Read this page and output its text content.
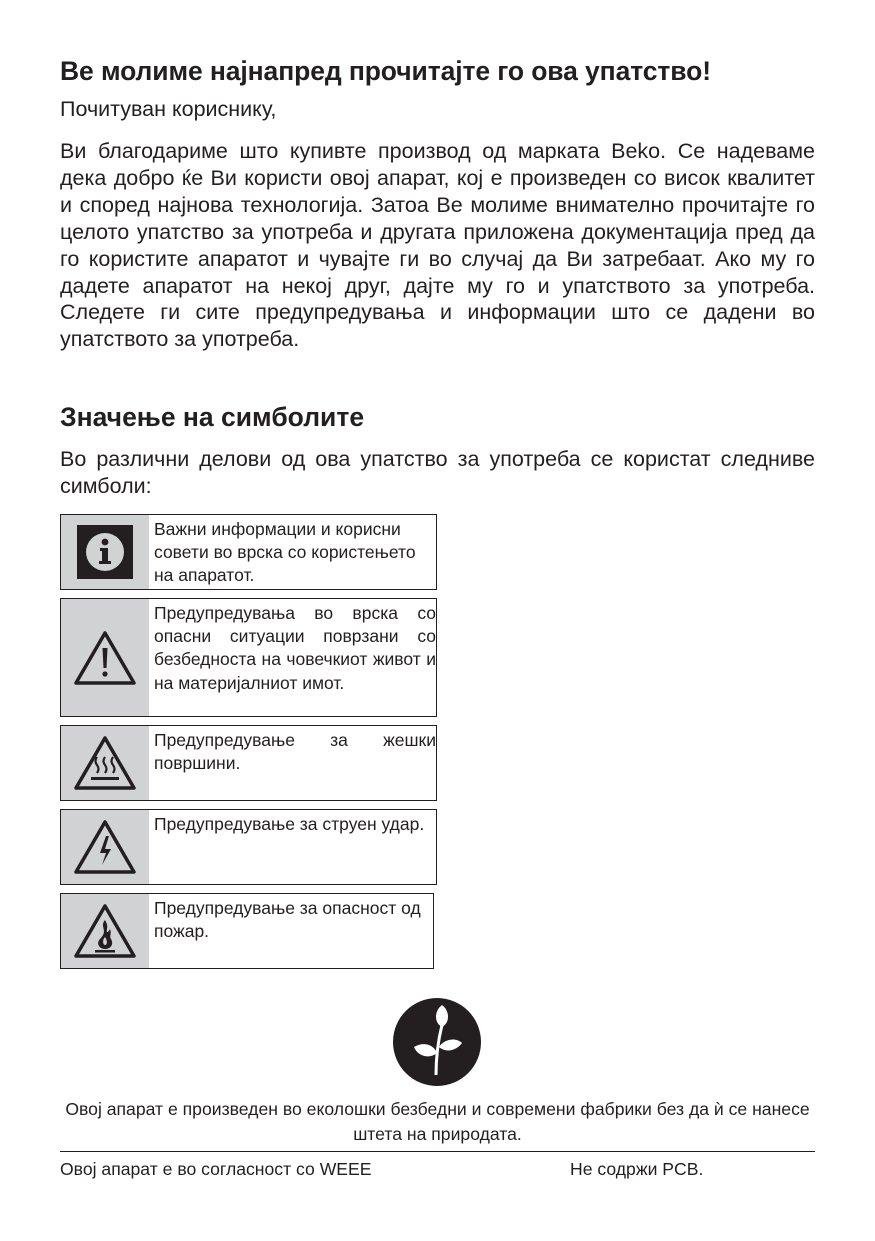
Ве молиме најнапред прочитајте го ова упатство!
Почитуван кориснику,
Ви благодариме што купивте производ од марката Beko. Се надеваме дека добро ќе Ви користи овој апарат, кој е произведен со висок квалитет и според најнова технологија. Затоа Ве молиме внимателно прочитајте го целото упатство за употреба и другата приложена документација пред да го користите апаратот и чувајте ги во случај да Ви затребаат. Ако му го дадете апаратот на некој друг, дајте му го и упатството за употреба. Следете ги сите предупредувања и информации што се дадени во упатството за употреба.
Значење на симболите
Во различни делови од ова упатство за употреба се користат следниве симболи:
Важни информации и корисни совети во врска со користењето на апаратот.
Предупредувања во врска со опасни ситуации поврзани со безбедноста на човечкиот живот и на материјалниот имот.
Предупредување за жешки површини.
Предупредување за струен удар.
Предупредување за опасност од пожар.
Овој апарат е произведен во еколошки безбедни и современи фабрики без да ѝ се нанесе штета на природата.
Овој апарат е во согласност со WEEE	Не содржи PCB.
